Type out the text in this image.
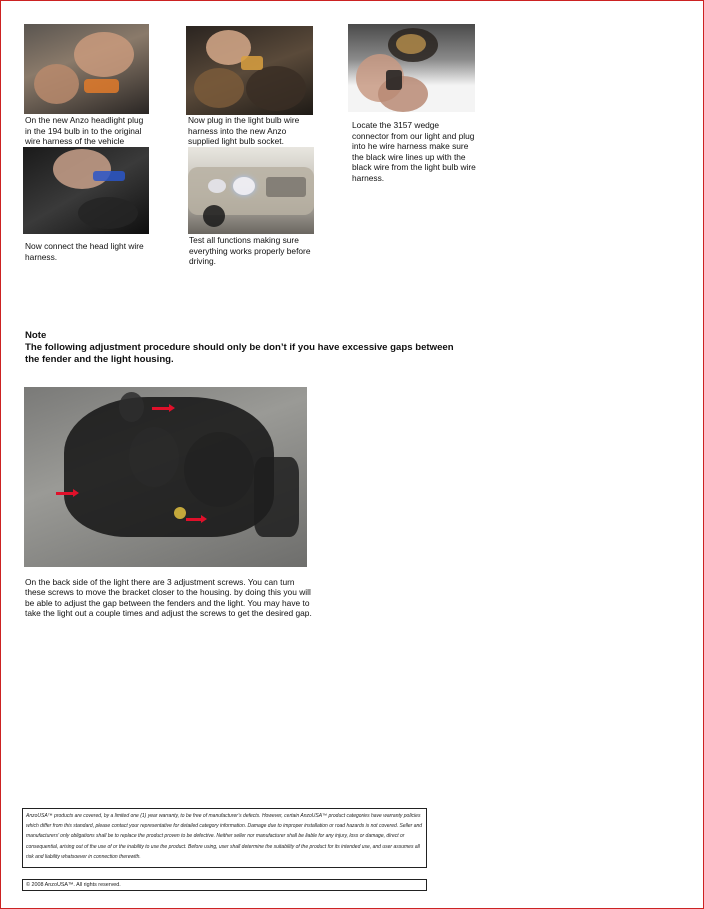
On the new Anzo headlight plug in the 194 bulb in to the original wire harness of the vehicle
Now plug in the light bulb wire harness into the new Anzo supplied light bulb socket.
Locate the 3157 wedge connector from our light and plug into he wire harness make sure the black wire lines up with the black wire from the light bulb wire harness.
Now connect the head light wire harness.
Test all functions making sure everything works properly before driving.
Note
The following adjustment procedure should only be don’t if you have excessive gaps between the fender and the light housing.
On the back side of the light there are 3 adjustment screws. You can turn these screws to move the bracket closer to the housing. by doing this you will be able to adjust the gap between the fenders and the light. You may have to take the light out a couple times and adjust the screws to get the desired gap.
AnzoUSA™ products are covered, by a limited one (1) year warranty, to be free of manufacturer’s defects. However, certain AnzoUSA™ product categories have warranty policies which differ from this standard, please contact your representative for detailed category information. Damage due to improper installation or road hazards is not covered. Seller and manufacturers’ only obligations shall be to replace the product proven to be defective. Neither seller nor manufacturer shall be liable for any injury, loss or damage, direct or consequential, arising out of the use of or the inability to use the product. Before using, user shall determine the suitability of the product for its intended use, and user assumes all risk and liability whatsoever in connection therewith.
© 2008 AnzoUSA™. All rights reserved.
